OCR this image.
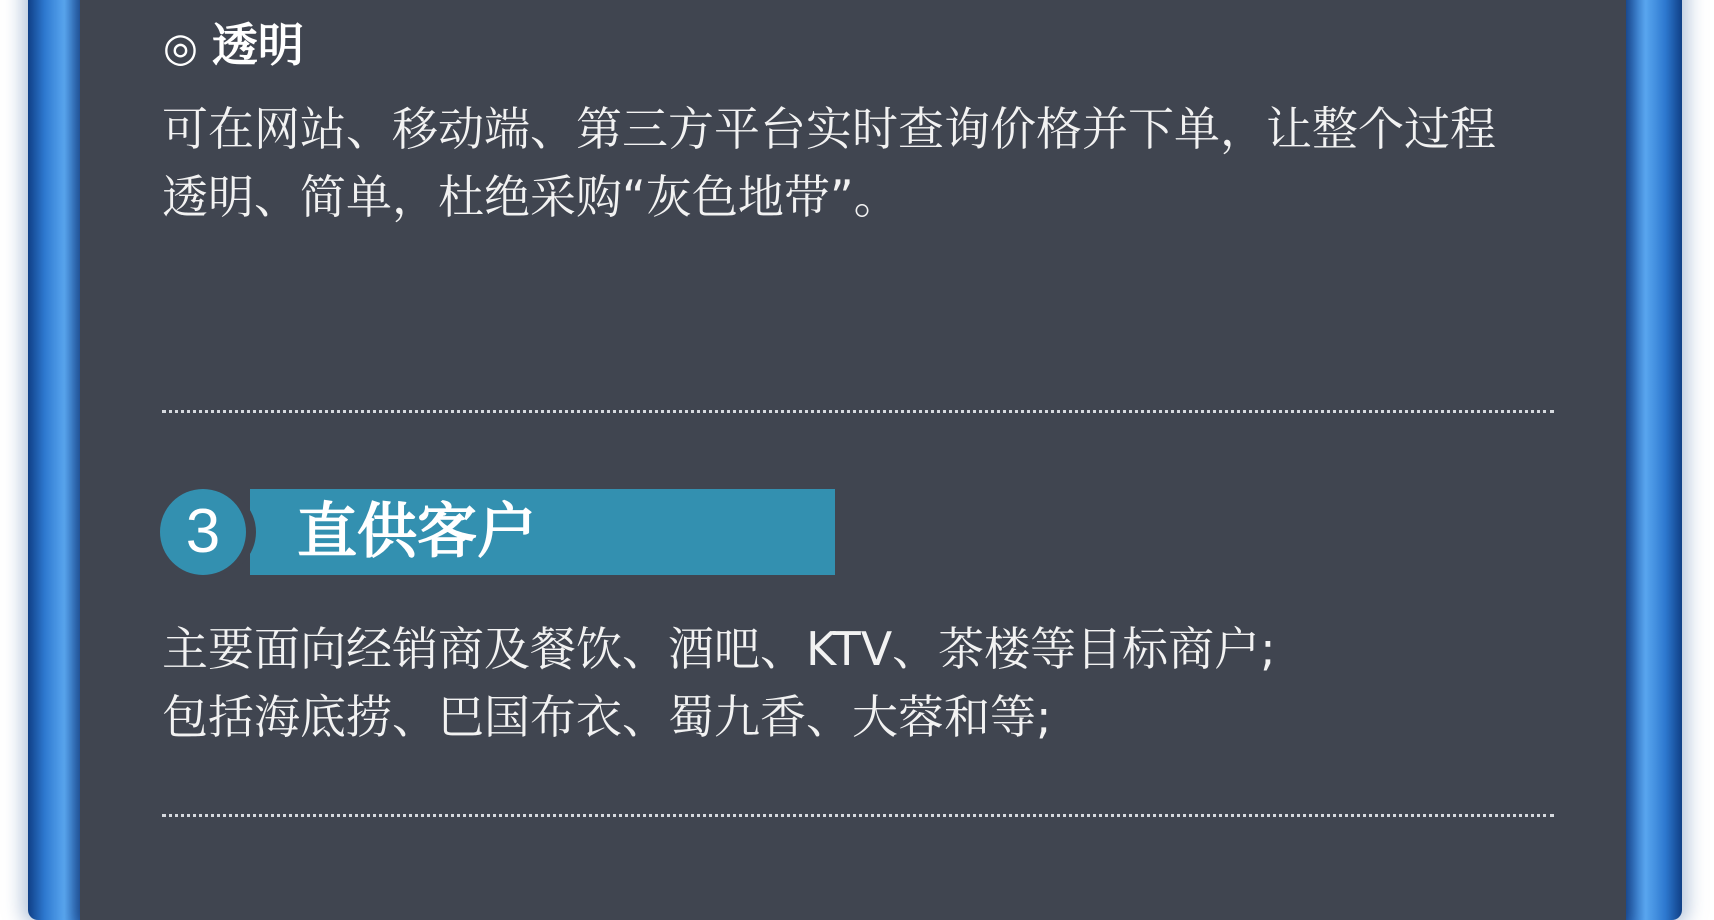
◎ 透明

可在网站、移动端、第三方平台实时查询价格并下单，让整个过程
透明、简单，杜绝采购“灰色地带”。

3	直供客户

主要面向经销商及餐饮、酒吧、KTV、茶楼等目标商户;
包括海底捞、巴国布衣、蜀九香、大蓉和等;
